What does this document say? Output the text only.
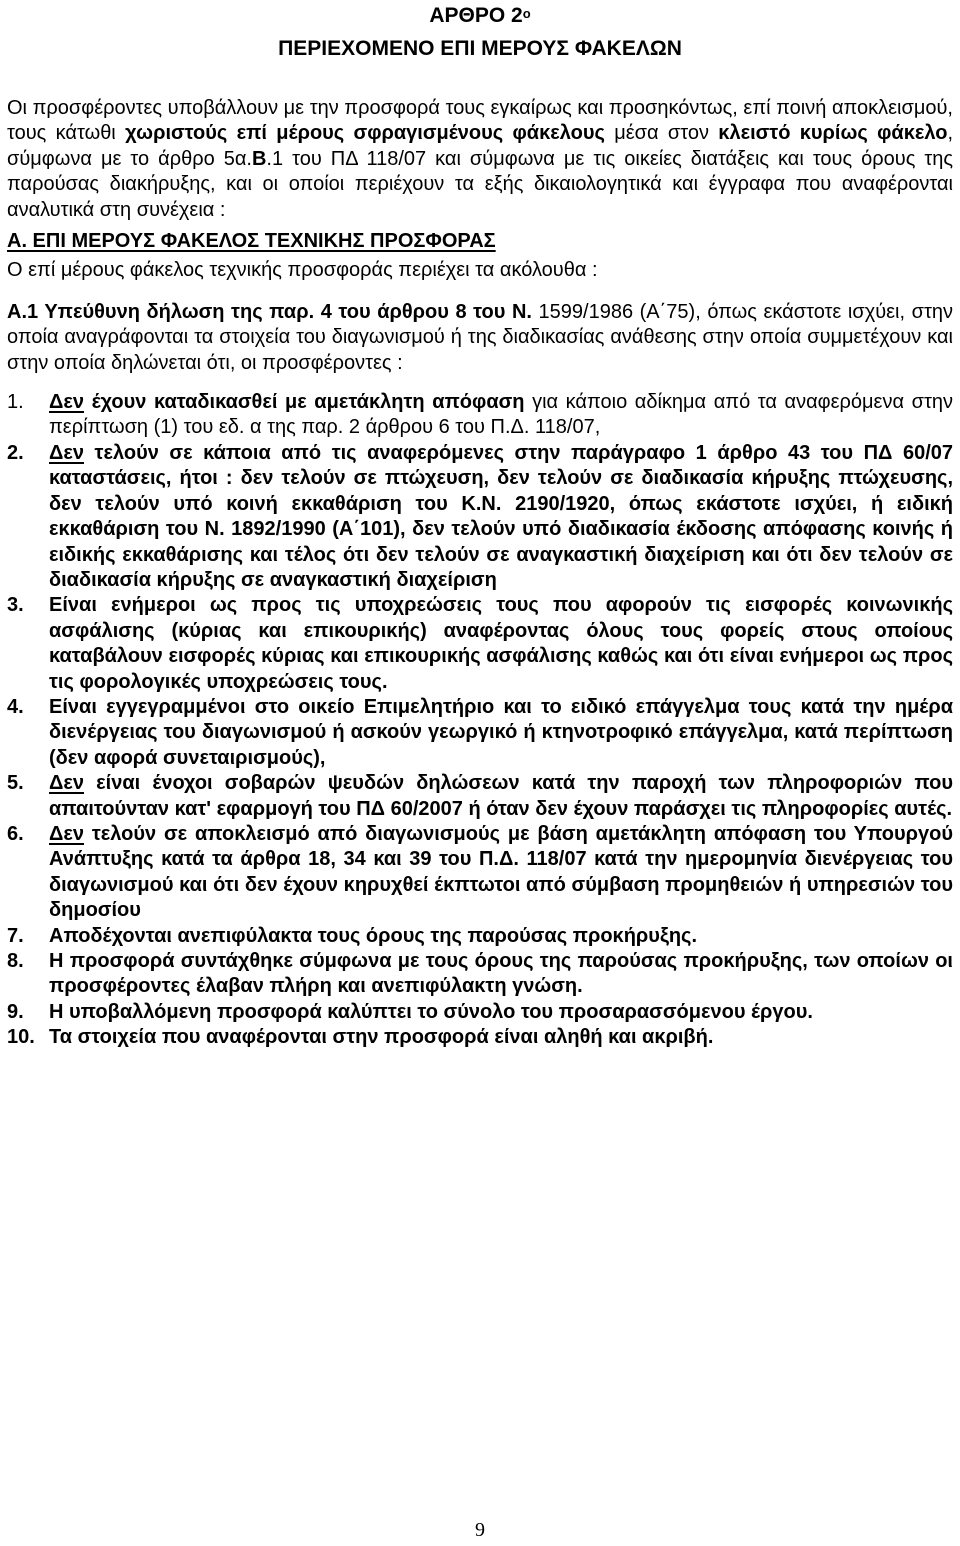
ΑΡΘΡΟ $2^o$
ΠΕΡΙΕΧΟΜΕΝΟ ΕΠΙ ΜΕΡΟΥΣ ΦΑΚΕΛΩΝ

Οι προσφέροντες υποβάλλουν με την προσφορά τους εγκαίρως και προσηκόντως, επί ποινή αποκλεισμού, τους κάτωθι χωριστούς επί μέρους σφραγισμένους φάκελους μέσα στον κλειστό κυρίως φάκελο, σύμφωνα με το άρθρο 5α.Β.1 του ΠΔ 118/07 και σύμφωνα με τις οικείες διατάξεις και τους όρους της παρούσας διακήρυξης, και οι οποίοι περιέχουν τα εξής δικαιολογητικά και έγγραφα που αναφέρονται αναλυτικά στη συνέχεια :

Α. ΕΠΙ ΜΕΡΟΥΣ ΦΑΚΕΛΟΣ ΤΕΧΝΙΚΗΣ ΠΡΟΣΦΟΡΑΣ

Ο επί μέρους φάκελος τεχνικής προσφοράς περιέχει τα ακόλουθα :

Α.1 Υπεύθυνη δήλωση της παρ. 4 του άρθρου 8 του Ν. 1599/1986 (Α΄75), όπως εκάστοτε ισχύει, στην οποία αναγράφονται τα στοιχεία του διαγωνισμού ή της διαδικασίας ανάθεσης στην οποία συμμετέχουν και στην οποία δηλώνεται ότι, οι προσφέροντες :

1. Δεν έχουν καταδικασθεί με αμετάκλητη απόφαση για κάποιο αδίκημα από τα αναφερόμενα στην περίπτωση (1) του εδ. α της παρ. 2 άρθρου 6 του Π.Δ. 118/07,
2. Δεν τελούν σε κάποια από τις αναφερόμενες στην παράγραφο 1 άρθρο 43 του ΠΔ 60/07 καταστάσεις, ήτοι : δεν τελούν σε πτώχευση, δεν τελούν σε διαδικασία κήρυξης πτώχευσης, δεν τελούν υπό κοινή εκκαθάριση του Κ.Ν. 2190/1920, όπως εκάστοτε ισχύει, ή ειδική εκκαθάριση του Ν. 1892/1990 (Α΄101), δεν τελούν υπό διαδικασία έκδοσης απόφασης κοινής ή ειδικής εκκαθάρισης και τέλος ότι δεν τελούν σε αναγκαστική διαχείριση και ότι δεν τελούν σε διαδικασία κήρυξης σε αναγκαστική διαχείριση
3. Είναι ενήμεροι ως προς τις υποχρεώσεις τους που αφορούν τις εισφορές κοινωνικής ασφάλισης (κύριας και επικουρικής) αναφέροντας όλους τους φορείς στους οποίους καταβάλουν εισφορές κύριας και επικουρικής ασφάλισης καθώς και ότι είναι ενήμεροι ως προς τις φορολογικές υποχρεώσεις τους.
4. Είναι εγγεγραμμένοι στο οικείο Επιμελητήριο και το ειδικό επάγγελμα τους κατά την ημέρα διενέργειας του διαγωνισμού ή ασκούν γεωργικό ή κτηνοτροφικό επάγγελμα, κατά περίπτωση (δεν αφορά συνεταιρισμούς),
5. Δεν είναι ένοχοι σοβαρών ψευδών δηλώσεων κατά την παροχή των πληροφοριών που απαιτούνταν κατ' εφαρμογή του ΠΔ 60/2007 ή όταν δεν έχουν παράσχει τις πληροφορίες αυτές.
6. Δεν τελούν σε αποκλεισμό από διαγωνισμούς με βάση αμετάκλητη απόφαση του Υπουργού Ανάπτυξης κατά τα άρθρα 18, 34 και 39 του Π.Δ. 118/07 κατά την ημερομηνία διενέργειας του διαγωνισμού και ότι δεν έχουν κηρυχθεί έκπτωτοι από σύμβαση προμηθειών ή υπηρεσιών του δημοσίου
7. Αποδέχονται ανεπιφύλακτα τους όρους της παρούσας προκήρυξης.
8. Η προσφορά συντάχθηκε σύμφωνα με τους όρους της παρούσας προκήρυξης, των οποίων οι προσφέροντες έλαβαν πλήρη και ανεπιφύλακτη γνώση.
9. Η υποβαλλόμενη προσφορά καλύπτει το σύνολο του προσαρασσόμενου έργου.
10. Τα στοιχεία που αναφέρονται στην προσφορά είναι αληθή και ακριβή.
9
